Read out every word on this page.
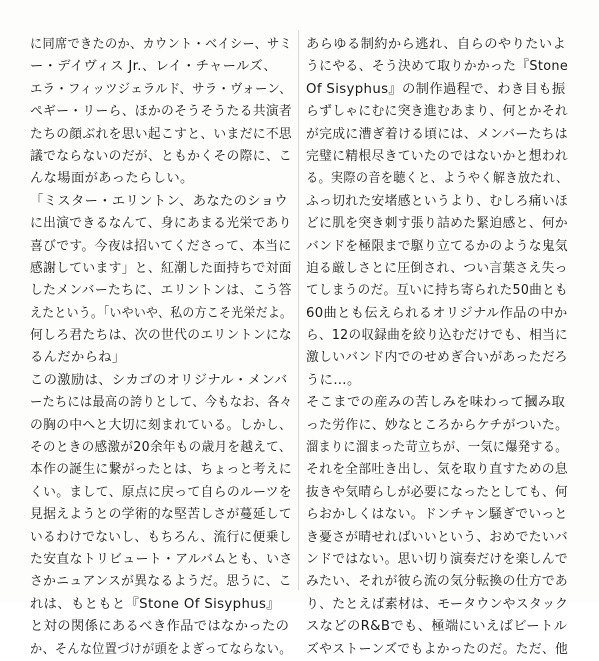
に同席できたのか、カウント・ベイシー、サミ
ー・デイヴィス Jr.、レイ・チャールズ、
エラ・フィッツジェラルド、サラ・ヴォーン、
ペギー・リーら、ほかのそうそうたる共演者
たちの顔ぶれを思い起こすと、いまだに不思
議でならないのだが、ともかくその際に、こ
んな場面があったらしい。
「ミスター・エリントン、あなたのショウ
に出演できるなんて、身にあまる光栄であり
喜びです。今夜は招いてくださって、本当に
感謝しています」と、紅潮した面持ちで対面
したメンバーたちに、エリントンは、こう答
えたという。「いやいや、私の方こそ光栄だよ。
何しろ君たちは、次の世代のエリントンにな
るんだからね」
この激励は、シカゴのオリジナル・メンバ
ーたちには最高の誇りとして、今もなお、各々
の胸の中へと大切に刻まれている。しかし、
そのときの感激が20余年もの歳月を越えて、
本作の誕生に繋がったとは、ちょっと考えに
くい。まして、原点に戻って自らのルーツを
見据えようとの学術的な堅苦しさが蔓延して
いるわけでないし、もちろん、流行に便乗し
た安直なトリビュート・アルバムとも、いさ
さかニュアンスが異なるようだ。思うに、こ
れは、もともと『Stone Of Sisyphus』
と対の関係にあるべき作品ではなかったの
か、そんな位置づけが頭をよぎってならない。
あらゆる制約から逃れ、自らのやりたいよ
うにやる、そう決めて取りかかった『Stone
Of Sisyphus』の制作過程で、わき目も振
らずしゃにむに突き進むあまり、何とかそれ
が完成に漕ぎ着ける頃には、メンバーたちは
完璧に精根尽きていたのではないかと想われ
る。実際の音を聴くと、ようやく解き放たれ、
ふっ切れた安堵感というより、むしろ痛いほ
どに肌を突き刺す張り詰めた緊迫感と、何か
バンドを極限まで駆り立てるかのような鬼気
迫る厳しさとに圧倒され、つい言葉さえ失っ
てしまうのだ。互いに持ち寄られた50曲とも
60曲とも伝えられるオリジナル作品の中か
ら、12の収録曲を絞り込むだけでも、相当に
激しいバンド内でのせめぎ合いがあっただろ
うに…。
そこまでの産みの苦しみを味わって摑み取
った労作に、妙なところからケチがついた。
溜まりに溜まった苛立ちが、一気に爆発する。
それを全部吐き出し、気を取り直すための息
抜きや気晴らしが必要になったとしても、何
らおかしくはない。ドンチャン騒ぎでいっと
き憂さが晴せればいいという、おめでたいバ
ンドではない。思い切り演奏だけを楽しんで
みたい、それが彼ら流の気分転換の仕方であ
り、たとえば素材は、モータウンやスタック
スなどのR&Bでも、極端にいえばビートル
ズやストーンズでもよかったのだ。ただ、他
